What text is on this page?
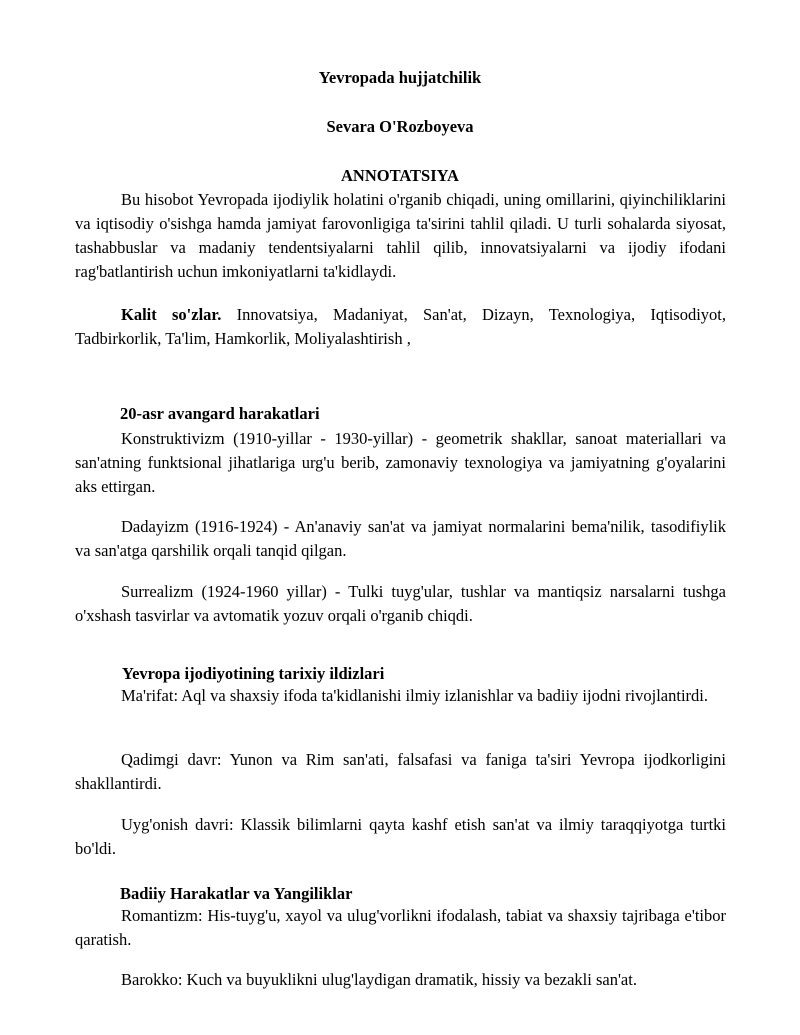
Yevropada hujjatchilik
Sevara O'Rozboyeva
ANNOTATSIYA
Bu hisobot Yevropada ijodiylik holatini o'rganib chiqadi, uning omillarini, qiyinchiliklarini va iqtisodiy o'sishga hamda jamiyat farovonligiga ta'sirini tahlil qiladi. U turli sohalarda siyosat, tashabbuslar va madaniy tendentsiyalarni tahlil qilib, innovatsiyalarni va ijodiy ifodani rag'batlantirish uchun imkoniyatlarni ta'kidlaydi.
Kalit so'zlar. Innovatsiya, Madaniyat, San'at, Dizayn, Texnologiya, Iqtisodiyot, Tadbirkorlik, Ta'lim, Hamkorlik, Moliyalashtirish ,
20-asr avangard harakatlari
Konstruktivizm (1910-yillar - 1930-yillar) - geometrik shakllar, sanoat materiallari va san'atning funktsional jihatlariga urg'u berib, zamonaviy texnologiya va jamiyatning g'oyalarini aks ettirgan.
Dadayizm (1916-1924) - An'anaviy san'at va jamiyat normalarini bema'nilik, tasodifiylik va san'atga qarshilik orqali tanqid qilgan.
Surrealizm (1924-1960 yillar) - Tulki tuyg'ular, tushlar va mantiqsiz narsalarni tushga o'xshash tasvirlar va avtomatik yozuv orqali o'rganib chiqdi.
Yevropa ijodiyotining tarixiy ildizlari
Ma'rifat: Aql va shaxsiy ifoda ta'kidlanishi ilmiy izlanishlar va badiiy ijodni rivojlantirdi.
Qadimgi davr: Yunon va Rim san'ati, falsafasi va faniga ta'siri Yevropa ijodkorligini shakllantirdi.
Uyg'onish davri: Klassik bilimlarni qayta kashf etish san'at va ilmiy taraqqiyotga turtki bo'ldi.
Badiiy Harakatlar va Yangiliklar
Romantizm: His-tuyg'u, xayol va ulug'vorlikni ifodalash, tabiat va shaxsiy tajribaga e'tibor qaratish.
Barokko: Kuch va buyuklikni ulug'laydigan dramatik, hissiy va bezakli san'at.
